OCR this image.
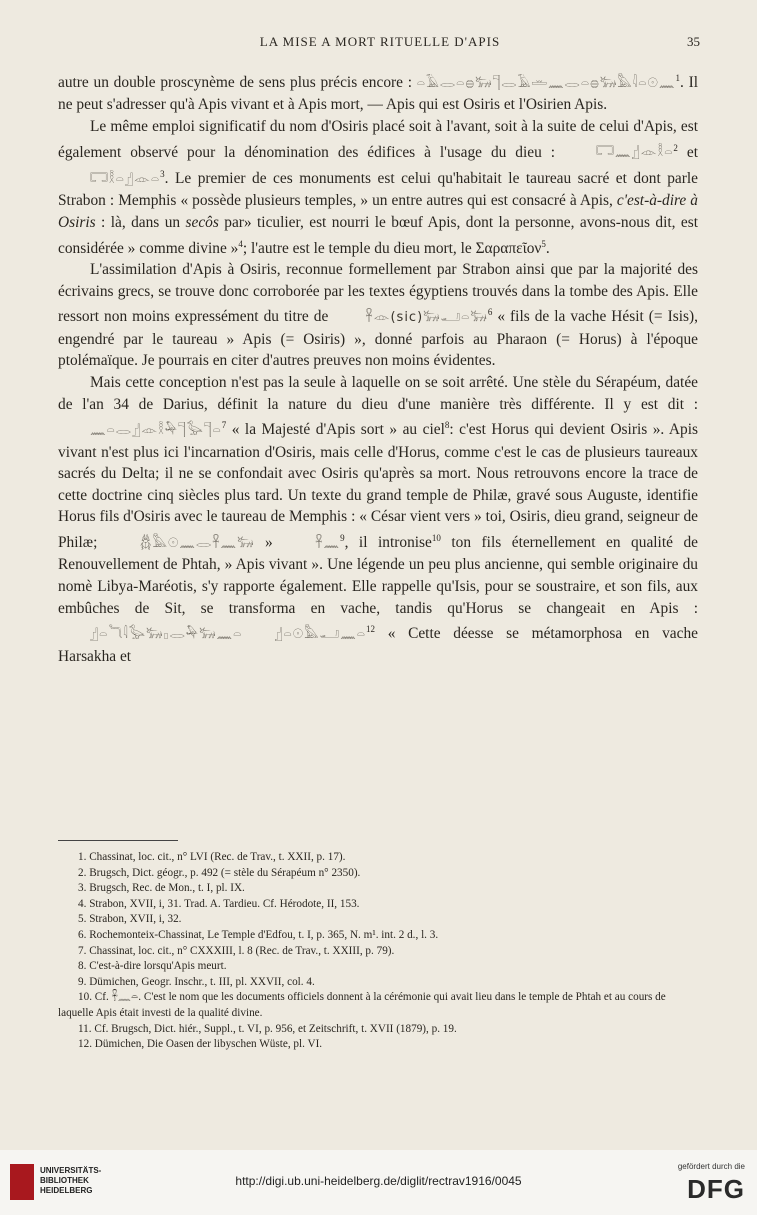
LA MISE A MORT RITUELLE D'APIS	35

autre un double proscynème de sens plus précis encore : 𓏏𓄿𓂋𓏏𓐍𓃒𓊹𓂋𓄿𓏛𓈖𓂋𓏏𓐍𓃒𓅓𓇋𓏏𓇳𓈖$^1$. Il ne peut s'adresser qu'à Apis vivant et à Apis mort, — Apis qui est Osiris et l'Osirien Apis.

Le même emploi significatif du nom d'Osiris placé soit à l'avant, soit à la suite de celui d'Apis, est également observé pour la dénomination des édifices à l'usage du dieu : 𓉐𓈖𓊨𓁹𓎛𓏏$^2$ et 𓉐𓎛𓏏𓊨𓁹𓏏$^3$. Le premier de ces monuments est celui qu'habitait le taureau sacré et dont parle Strabon : Memphis « possède plusieurs temples, » un entre autres qui est consacré à Apis, c'est-à-dire à Osiris : là, dans un secôs par» ticulier, est nourri le bœuf Apis, dont la personne, avons-nous dit, est considérée » comme divine »$^4$; l'autre est le temple du dieu mort, le Σαραπεῖον$^5$.

L'assimilation d'Apis à Osiris, reconnue formellement par Strabon ainsi que par la majorité des écrivains grecs, se trouve donc corroborée par les textes égyptiens trouvés dans la tombe des Apis. Elle ressort non moins expressément du titre de 𓋹𓁹(sic)𓃒𓂝𓏏𓃒$^6$ « fils de la vache Hésit (= Isis), engendré par le taureau » Apis (= Osiris) », donné parfois au Pharaon (= Horus) à l'époque ptolémaïque. Je pourrais en citer d'autres preuves non moins évidentes.

Mais cette conception n'est pas la seule à laquelle on se soit arrêté. Une stèle du Sérapéum, datée de l'an 34 de Darius, définit la nature du dieu d'une manière très différente. Il y est dit : 𓈖𓏏𓂋𓊨𓁹𓎛𓅆𓊹𓅭𓊹𓏏$^7$ « la Majesté d'Apis sort » au ciel$^8$: c'est Horus qui devient Osiris ». Apis vivant n'est plus ici l'incarnation d'Osiris, mais celle d'Horus, comme c'est le cas de plusieurs taureaux sacrés du Delta; il ne se confondait avec Osiris qu'après sa mort. Nous retrouvons encore la trace de cette doctrine cinq siècles plus tard. Un texte du grand temple de Philæ, gravé sous Auguste, identifie Horus fils d'Osiris avec le taureau de Memphis : « César vient vers » toi, Osiris, dieu grand, seigneur de Philæ; 𓆣𓅓𓇳𓈖𓂋𓋹𓈖𓃒 » 𓋹𓈖$^9$, il intronise$^{10}$ ton fils éternellement en qualité de Renouvellement de Phtah, » Apis vivant ». Une légende un peu plus ancienne, qui semble originaire du nomè Libya-Maréotis, s'y rapporte également. Elle rappelle qu'Isis, pour se soustraire, et son fils, aux embûches de Sit, se transforma en vache, tandis qu'Horus se changeait en Apis : 𓊨𓏏𓆓𓇋𓅭𓃒𓊪𓂋𓅆𓃒𓈖𓏏 𓊨𓏏𓇳𓅓𓂝𓈖𓏏$^{12}$ « Cette déesse se métamorphosa en vache Harsakha et

1. Chassinat, loc. cit., n° LVI (Rec. de Trav., t. XXII, p. 17).
2. Brugsch, Dict. géogr., p. 492 (= stèle du Sérapéum n° 2350).
3. Brugsch, Rec. de Mon., t. I, pl. IX.
4. Strabon, XVII, i, 31. Trad. A. Tardieu. Cf. Hérodote, II, 153.
5. Strabon, XVII, i, 32.
6. Rochemonteix-Chassinat, Le Temple d'Edfou, t. I, p. 365, N. m¹. int. 2 d., l. 3.
7. Chassinat, loc. cit., n° CXXXIII, l. 8 (Rec. de Trav., t. XXIII, p. 79).
8. C'est-à-dire lorsqu'Apis meurt.
9. Dümichen, Geogr. Inschr., t. III, pl. XXVII, col. 4.
10. Cf. 𓋹𓈖𓏏. C'est le nom que les documents officiels donnent à la cérémonie qui avait lieu dans le temple de Phtah et au cours de laquelle Apis était investi de la qualité divine.
11. Cf. Brugsch, Dict. hiér., Suppl., t. VI, p. 956, et Zeitschrift, t. XVII (1879), p. 19.
12. Dümichen, Die Oasen der libyschen Wüste, pl. VI.
UNIVERSITÄTS-
BIBLIOTHEK
HEIDELBERG
http://digi.ub.uni-heidelberg.de/diglit/rectrav1916/0045
gefördert durch die
DFG
